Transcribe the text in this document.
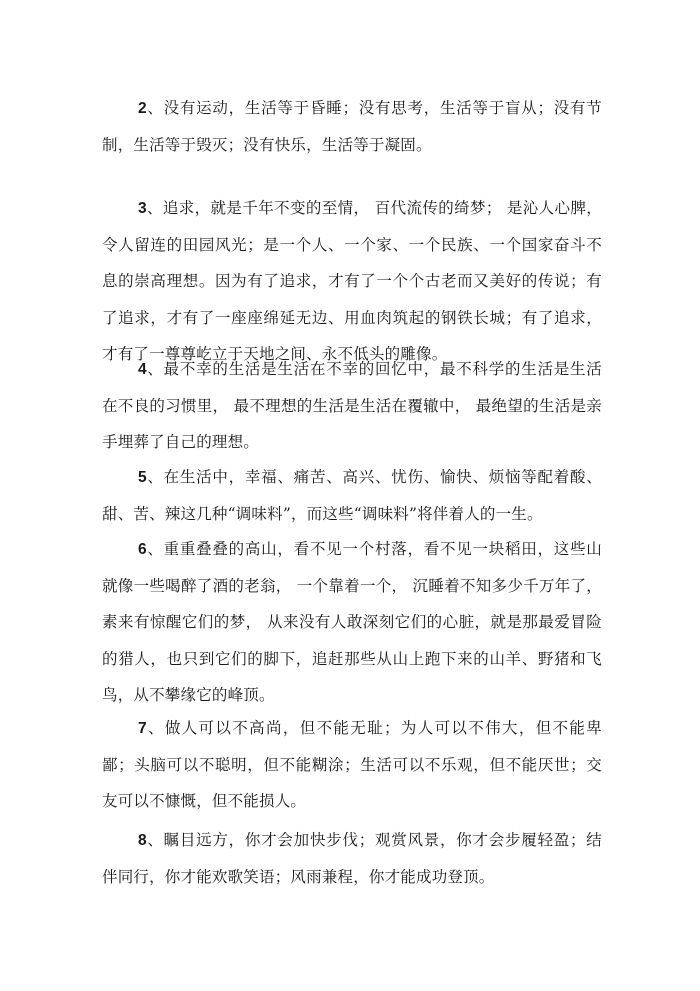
2、没有运动，生活等于昏睡；没有思考，生活等于盲从；没有节制，生活等于毁灭；没有快乐，生活等于凝固。

3、追求，就是千年不变的至情， 百代流传的绮梦； 是沁人心脾，令人留连的田园风光；是一个人、一个家、一个民族、一个国家奋斗不息的崇高理想。因为有了追求，才有了一个个古老而又美好的传说；有了追求，才有了一座座绵延无边、用血肉筑起的钢铁长城；有了追求，才有了一尊尊屹立于天地之间、永不低头的雕像。

4、最不幸的生活是生活在不幸的回忆中，最不科学的生活是生活在不良的习惯里， 最不理想的生活是生活在覆辙中， 最绝望的生活是亲手埋葬了自己的理想。

5、在生活中，幸福、痛苦、高兴、忧伤、愉快、烦恼等配着酸、甜、苦、辣这几种“调味料”，而这些“调味料”将伴着人的一生。

6、重重叠叠的高山，看不见一个村落，看不见一块稻田，这些山就像一些喝醉了酒的老翁， 一个靠着一个， 沉睡着不知多少千万年了，素来有惊醒它们的梦， 从来没有人敢深刻它们的心脏，就是那最爱冒险的猎人，也只到它们的脚下，追赶那些从山上跑下来的山羊、野猪和飞鸟，从不攀缘它的峰顶。

7、做人可以不高尚，但不能无耻；为人可以不伟大，但不能卑鄙；头脑可以不聪明，但不能糊涂；生活可以不乐观，但不能厌世；交友可以不慷慨，但不能损人。

8、瞩目远方，你才会加快步伐；观赏风景，你才会步履轻盈；结伴同行，你才能欢歌笑语；风雨兼程，你才能成功登顶。
